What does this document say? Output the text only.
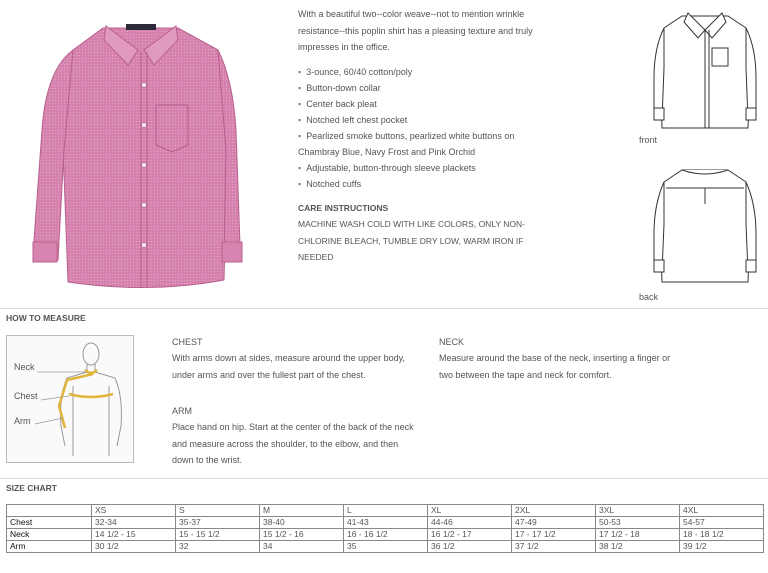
With a beautiful two--color weave--not to mention wrinkle resistance--this poplin shirt has a pleasing texture and truly impresses in the office.
▪ 3-ounce, 60/40 cotton/poly
▪ Button-down collar
▪ Center back pleat
▪ Notched left chest pocket
▪ Pearlized smoke buttons, pearlized white buttons on Chambray Blue, Navy Frost and Pink Orchid
▪ Adjustable, button-through sleeve plackets
▪ Notched cuffs
CARE INSTRUCTIONS
MACHINE WASH COLD WITH LIKE COLORS, ONLY NON-CHLORINE BLEACH, TUMBLE DRY LOW, WARM IRON IF NEEDED
front
back
HOW TO MEASURE
Neck
Chest
Arm
CHEST
With arms down at sides, measure around the upper body, under arms and over the fullest part of the chest.
NECK
Measure around the base of the neck, inserting a finger or two between the tape and neck for comfort.
ARM
Place hand on hip. Start at the center of the back of the neck and measure across the shoulder, to the elbow, and then down to the wrist.
SIZE CHART
	XS	S	M	L	XL	2XL	3XL	4XL
Chest	32-34	35-37	38-40	41-43	44-46	47-49	50-53	54-57
Neck	14 1/2 - 15	15 - 15 1/2	15 1/2 - 16	16 - 16 1/2	16 1/2 - 17	17 - 17 1/2	17 1/2 - 18	18 - 18 1/2
Arm	30 1/2	32	34	35	36 1/2	37 1/2	38 1/2	39 1/2
